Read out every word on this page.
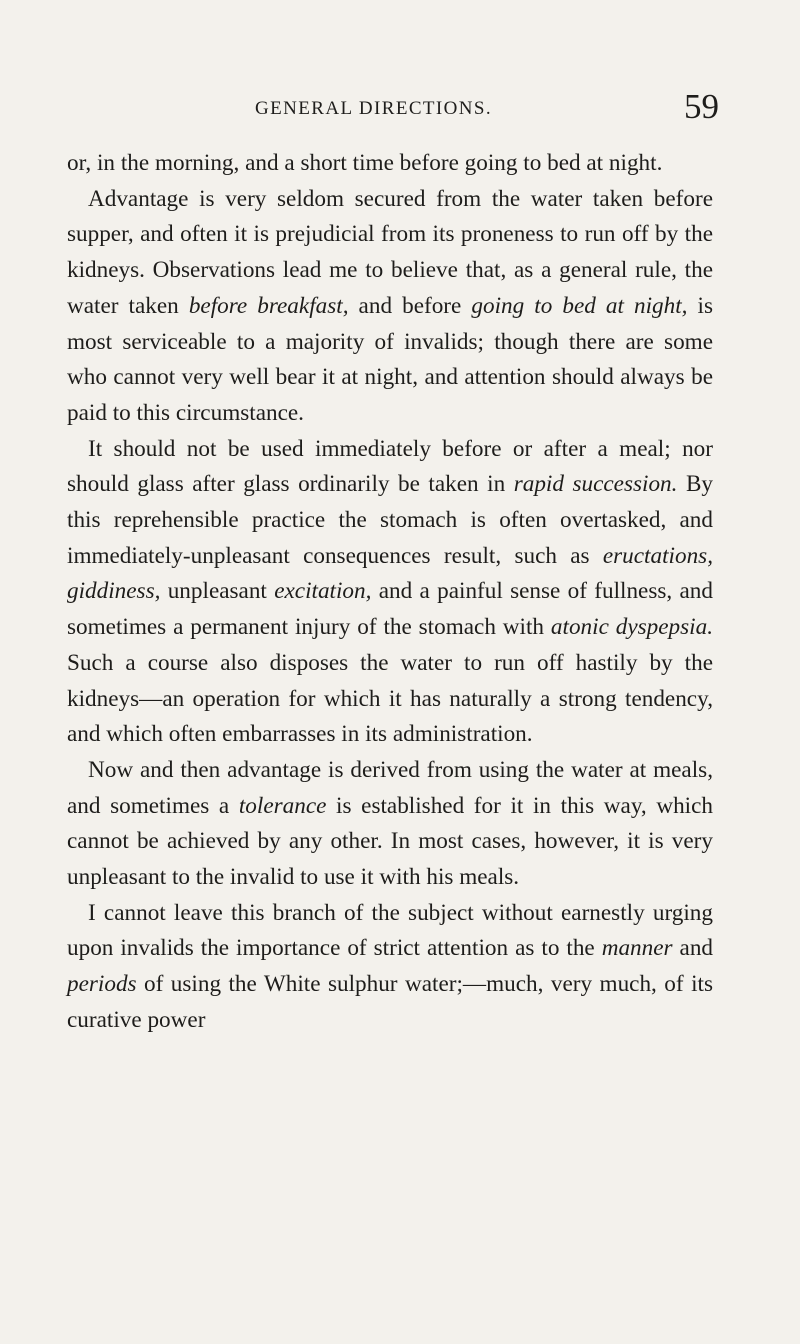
GENERAL DIRECTIONS.	59

or, in the morning, and a short time before going to bed at night.

Advantage is very seldom secured from the water taken before supper, and often it is prejudicial from its proneness to run off by the kidneys. Observations lead me to believe that, as a general rule, the water taken before breakfast, and before going to bed at night, is most serviceable to a majority of invalids; though there are some who cannot very well bear it at night, and attention should always be paid to this circumstance.

It should not be used immediately before or after a meal; nor should glass after glass ordinarily be taken in rapid succession. By this reprehensible practice the stomach is often overtasked, and immediately-unpleasant consequences result, such as eructations, giddiness, unpleasant excitation, and a painful sense of fullness, and sometimes a permanent injury of the stomach with atonic dyspepsia. Such a course also disposes the water to run off hastily by the kidneys—an operation for which it has naturally a strong tendency, and which often embarrasses in its administration.

Now and then advantage is derived from using the water at meals, and sometimes a tolerance is established for it in this way, which cannot be achieved by any other. In most cases, however, it is very unpleasant to the invalid to use it with his meals.

I cannot leave this branch of the subject without earnestly urging upon invalids the importance of strict attention as to the manner and periods of using the White sulphur water;—much, very much, of its curative power
